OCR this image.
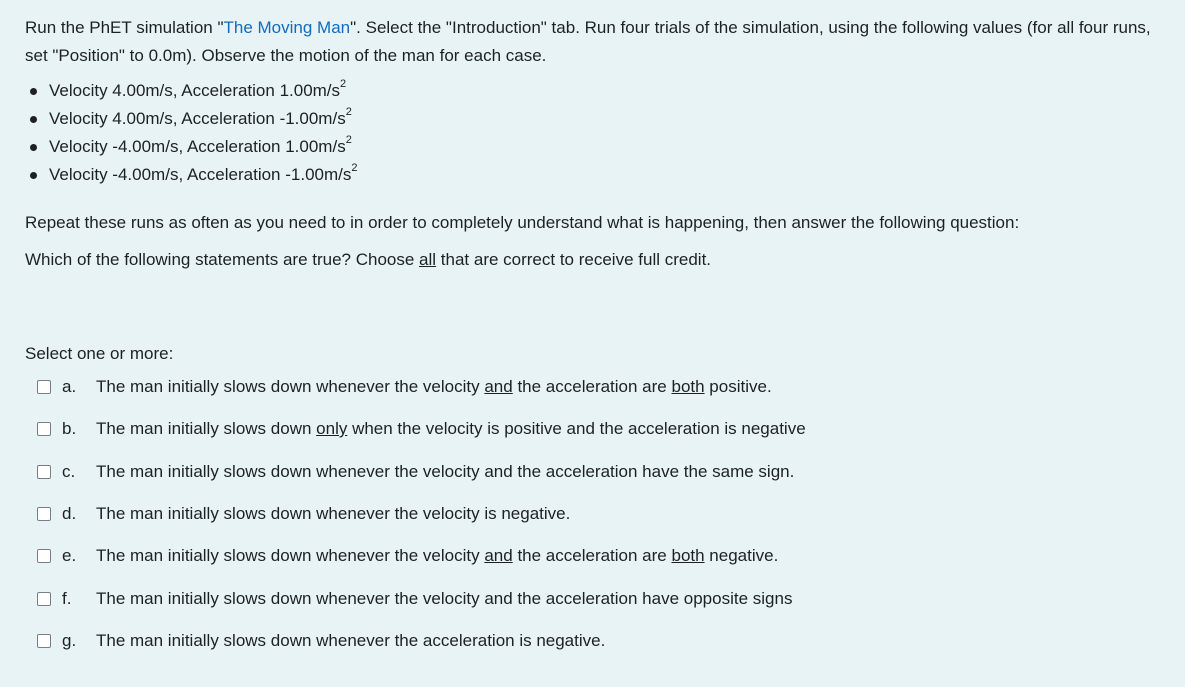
Run the PhET simulation "The Moving Man". Select the "Introduction" tab. Run four trials of the simulation, using the following values (for all four runs, set "Position" to 0.0m). Observe the motion of the man for each case.
Velocity 4.00m/s, Acceleration $1.00m/s^2$
Velocity 4.00m/s, Acceleration $-1.00m/s^2$
Velocity -4.00m/s, Acceleration $1.00m/s^2$
Velocity -4.00m/s, Acceleration $-1.00m/s^2$
Repeat these runs as often as you need to in order to completely understand what is happening, then answer the following question:
Which of the following statements are true? Choose all that are correct to receive full credit.
Select one or more:
a. The man initially slows down whenever the velocity and the acceleration are both positive.
b. The man initially slows down only when the velocity is positive and the acceleration is negative
c. The man initially slows down whenever the velocity and the acceleration have the same sign.
d. The man initially slows down whenever the velocity is negative.
e. The man initially slows down whenever the velocity and the acceleration are both negative.
f. The man initially slows down whenever the velocity and the acceleration have opposite signs
g. The man initially slows down whenever the acceleration is negative.
